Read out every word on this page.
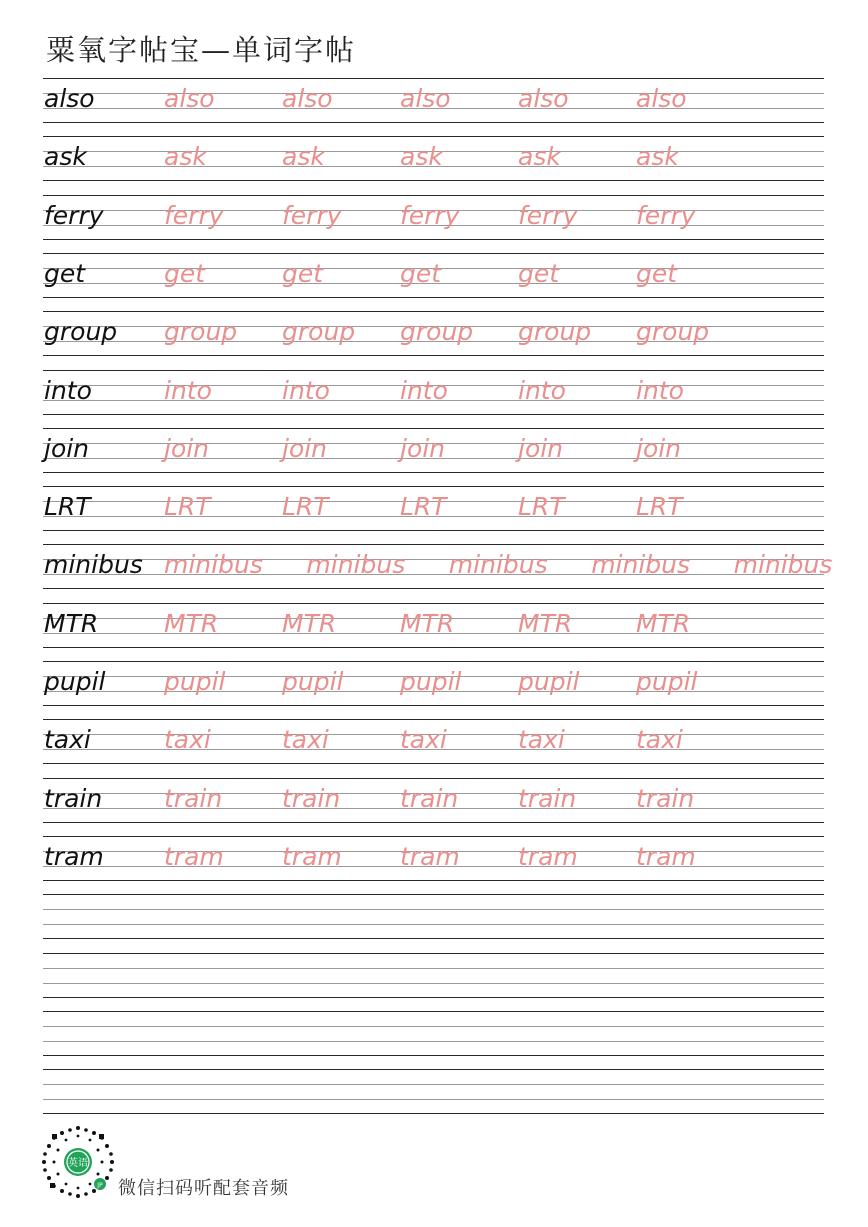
粟氧字帖宝—单词字帖
also	also	also	also	also	also
ask	ask	ask	ask	ask	ask
ferry ferry ferry ferry ferry ferry
get	get	get	get	get	get
group group group group group group
into	into	into	into	into	into
join	join	join	join	join	join
LRT	LRT	LRT	LRT	LRT	LRT
minibus minibus minibus minibus minibus minibus
MTR	MTR	MTR	MTR	MTR	MTR
pupil pupil pupil pupil pupil pupil
taxi	taxi	taxi	taxi	taxi	taxi
train train train train train train
tram tram tram tram tram tram
英语
JP 微信扫码听配套音频
